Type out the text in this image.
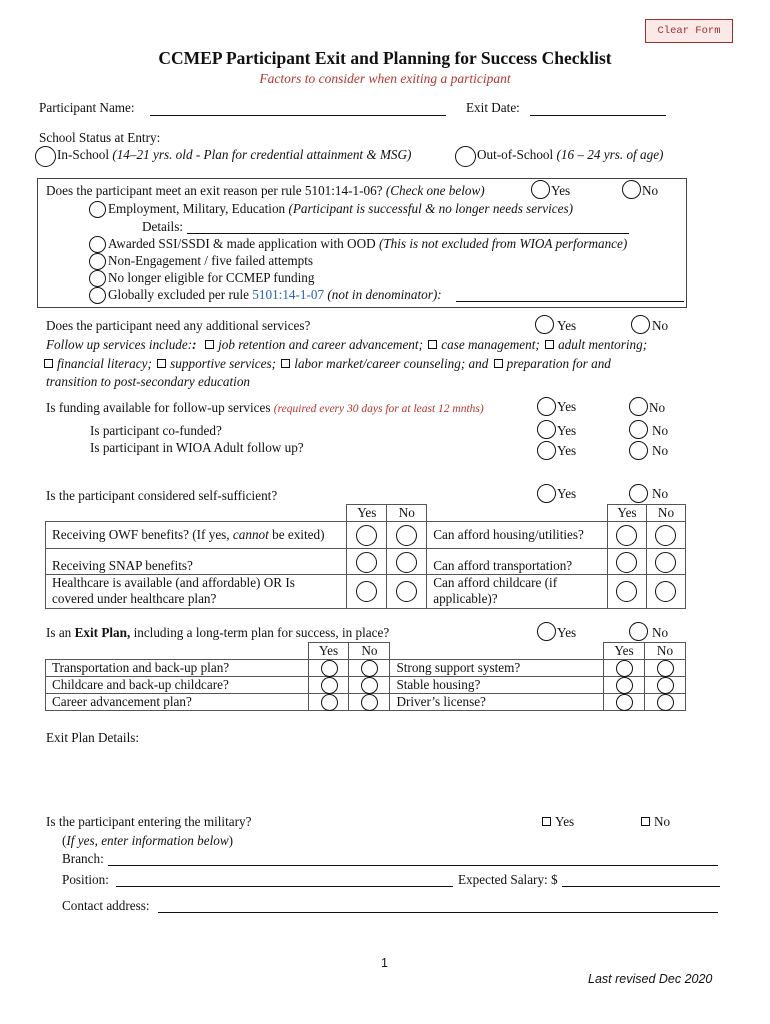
Clear Form
CCMEP Participant Exit and Planning for Success Checklist
Factors to consider when exiting a participant
Participant Name:	Exit Date:
School Status at Entry:
In-School (14–21 yrs. old - Plan for credential attainment & MSG)	Out-of-School (16 – 24 yrs. of age)
Does the participant meet an exit reason per rule 5101:14-1-06? (Check one below)	Yes	No
Employment, Military, Education (Participant is successful & no longer needs services)
Details:
Awarded SSI/SSDI & made application with OOD (This is not excluded from WIOA performance)
Non-Engagement / five failed attempts
No longer eligible for CCMEP funding
Globally excluded per rule 5101:14-1-07 (not in denominator):
Does the participant need any additional services?	Yes	No
Follow up services include:: job retention and career advancement; case management; adult mentoring;
financial literacy; supportive services; labor market/career counseling; and preparation for and
transition to post-secondary education
Is funding available for follow-up services (required every 30 days for at least 12 mnths)	Yes	No
Is participant co-funded?	Yes	No
Is participant in WIOA Adult follow up?	Yes	No
Is the participant considered self-sufficient?	Yes	No
	Yes	No		Yes	No
Receiving OWF benefits? (If yes, cannot be exited)			Can afford housing/utilities?	

Receiving SNAP benefits?			Can afford transportation?	

Healthcare is available (and affordable) OR Is
covered under healthcare plan?			Can afford childcare (if
applicable)?	

Is an Exit Plan, including a long-term plan for success, in place?	Yes	No
	Yes	No		Yes	No
Transportation and back-up plan?			Strong support system?	

Childcare and back-up childcare?			Stable housing?	

Career advancement plan?			Driver’s license?	

Exit Plan Details:
Is the participant entering the military?	Yes	No
(If yes, enter information below)
Branch:
Position:	Expected Salary: $
Contact address:
1
Last revised Dec 2020
